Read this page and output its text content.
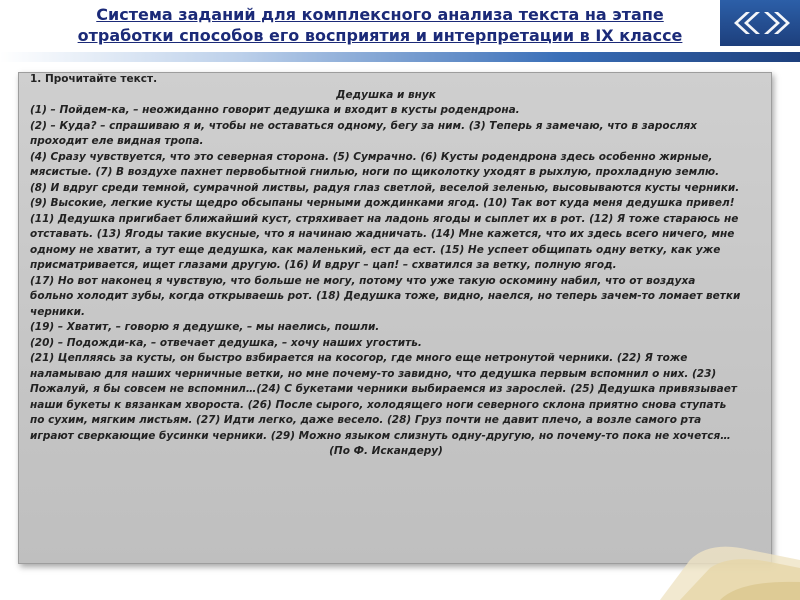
Система заданий для комплексного анализа текста на этапе
отработки способов его восприятия и интерпретации в IX классе
1. Прочитайте текст.
Дедушка и внук

(1) – Пойдем-ка, – неожиданно говорит дедушка и входит в кусты родендрона.

(2) – Куда? – спрашиваю я и, чтобы не оставаться одному, бегу за ним. (3) Теперь я замечаю, что в зарослях проходит еле видная тропа.

(4) Сразу чувствуется, что это северная сторона. (5) Сумрачно. (6) Кусты родендрона здесь особенно жирные, мясистые. (7) В воздухе пахнет первобытной гнилью, ноги по щиколотку уходят в рыхлую, прохладную землю.

(8) И вдруг среди темной, сумрачной листвы, радуя глаз светлой, веселой зеленью, высовываются кусты черники. (9) Высокие, легкие кусты щедро обсыпаны черными дождинками ягод. (10) Так вот куда меня дедушка привел!

(11) Дедушка пригибает ближайший куст, стряхивает на ладонь ягоды и сыплет их в рот. (12) Я тоже стараюсь не отставать. (13) Ягоды такие вкусные, что я начинаю жадничать. (14) Мне кажется, что их здесь всего ничего, мне одному не хватит, а тут еще дедушка, как маленький, ест да ест. (15) Не успеет общипать одну ветку, как уже присматривается, ищет глазами другую. (16) И вдруг – цап! – схватился за ветку, полную ягод.

(17) Но вот наконец я чувствую, что больше не могу, потому что уже такую оскомину набил, что от воздуха больно холодит зубы, когда открываешь рот. (18) Дедушка тоже, видно, наелся, но теперь зачем-то ломает ветки черники.

(19) – Хватит, – говорю я дедушке, – мы наелись, пошли.

(20) – Подожди-ка, – отвечает дедушка, – хочу наших угостить.

(21) Цепляясь за кусты, он быстро взбирается на косогор, где много еще нетронутой черники. (22) Я тоже наламываю для наших черничные ветки, но мне почему-то завидно, что дедушка первым вспомнил о них. (23) Пожалуй, я бы совсем не вспомнил…(24) С букетами черники выбираемся из зарослей. (25) Дедушка привязывает наши букеты к вязанкам хвороста. (26) После сырого, холодящего ноги северного склона приятно снова ступать по сухим, мягким листьям. (27) Идти легко, даже весело. (28) Груз почти не давит плечо, а возле самого рта играют сверкающие бусинки черники. (29) Можно языком слизнуть одну-другую, но почему-то пока не хочется…

(По Ф. Искандеру)
